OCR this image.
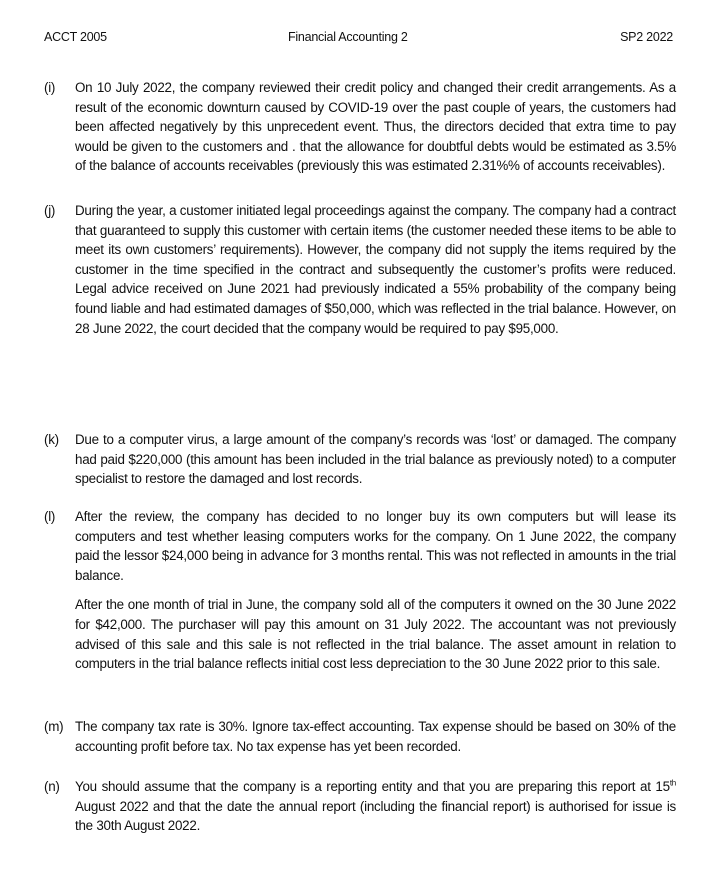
ACCT 2005	Financial Accounting 2	SP2 2022
(i)	On 10 July 2022, the company reviewed their credit policy and changed their credit arrangements. As a result of the economic downturn caused by COVID-19 over the past couple of years, the customers had been affected negatively by this unprecedent event. Thus, the directors decided that extra time to pay would be given to the customers and . that the allowance for doubtful debts would be estimated as 3.5% of the balance of accounts receivables (previously this was estimated 2.31%% of accounts receivables).

(j)	During the year, a customer initiated legal proceedings against the company. The company had a contract that guaranteed to supply this customer with certain items (the customer needed these items to be able to meet its own customers’ requirements). However, the company did not supply the items required by the customer in the time specified in the contract and subsequently the customer’s profits were reduced. Legal advice received on June 2021 had previously indicated a 55% probability of the company being found liable and had estimated damages of $50,000, which was reflected in the trial balance. However, on 28 June 2022, the court decided that the company would be required to pay $95,000.

(k)	Due to a computer virus, a large amount of the company’s records was ‘lost’ or damaged. The company had paid $220,000 (this amount has been included in the trial balance as previously noted) to a computer specialist to restore the damaged and lost records.

(l)	After the review, the company has decided to no longer buy its own computers but will lease its computers and test whether leasing computers works for the company. On 1 June 2022, the company paid the lessor $24,000 being in advance for 3 months rental. This was not reflected in amounts in the trial balance.

After the one month of trial in June, the company sold all of the computers it owned on the 30 June 2022 for $42,000. The purchaser will pay this amount on 31 July 2022. The accountant was not previously advised of this sale and this sale is not reflected in the trial balance. The asset amount in relation to computers in the trial balance reflects initial cost less depreciation to the 30 June 2022 prior to this sale.

(m) The company tax rate is 30%. Ignore tax-effect accounting. Tax expense should be based on 30% of the accounting profit before tax. No tax expense has yet been recorded.

(n)	You should assume that the company is a reporting entity and that you are preparing this report at 15th August 2022 and that the date the annual report (including the financial report) is authorised for issue is the 30th August 2022.
